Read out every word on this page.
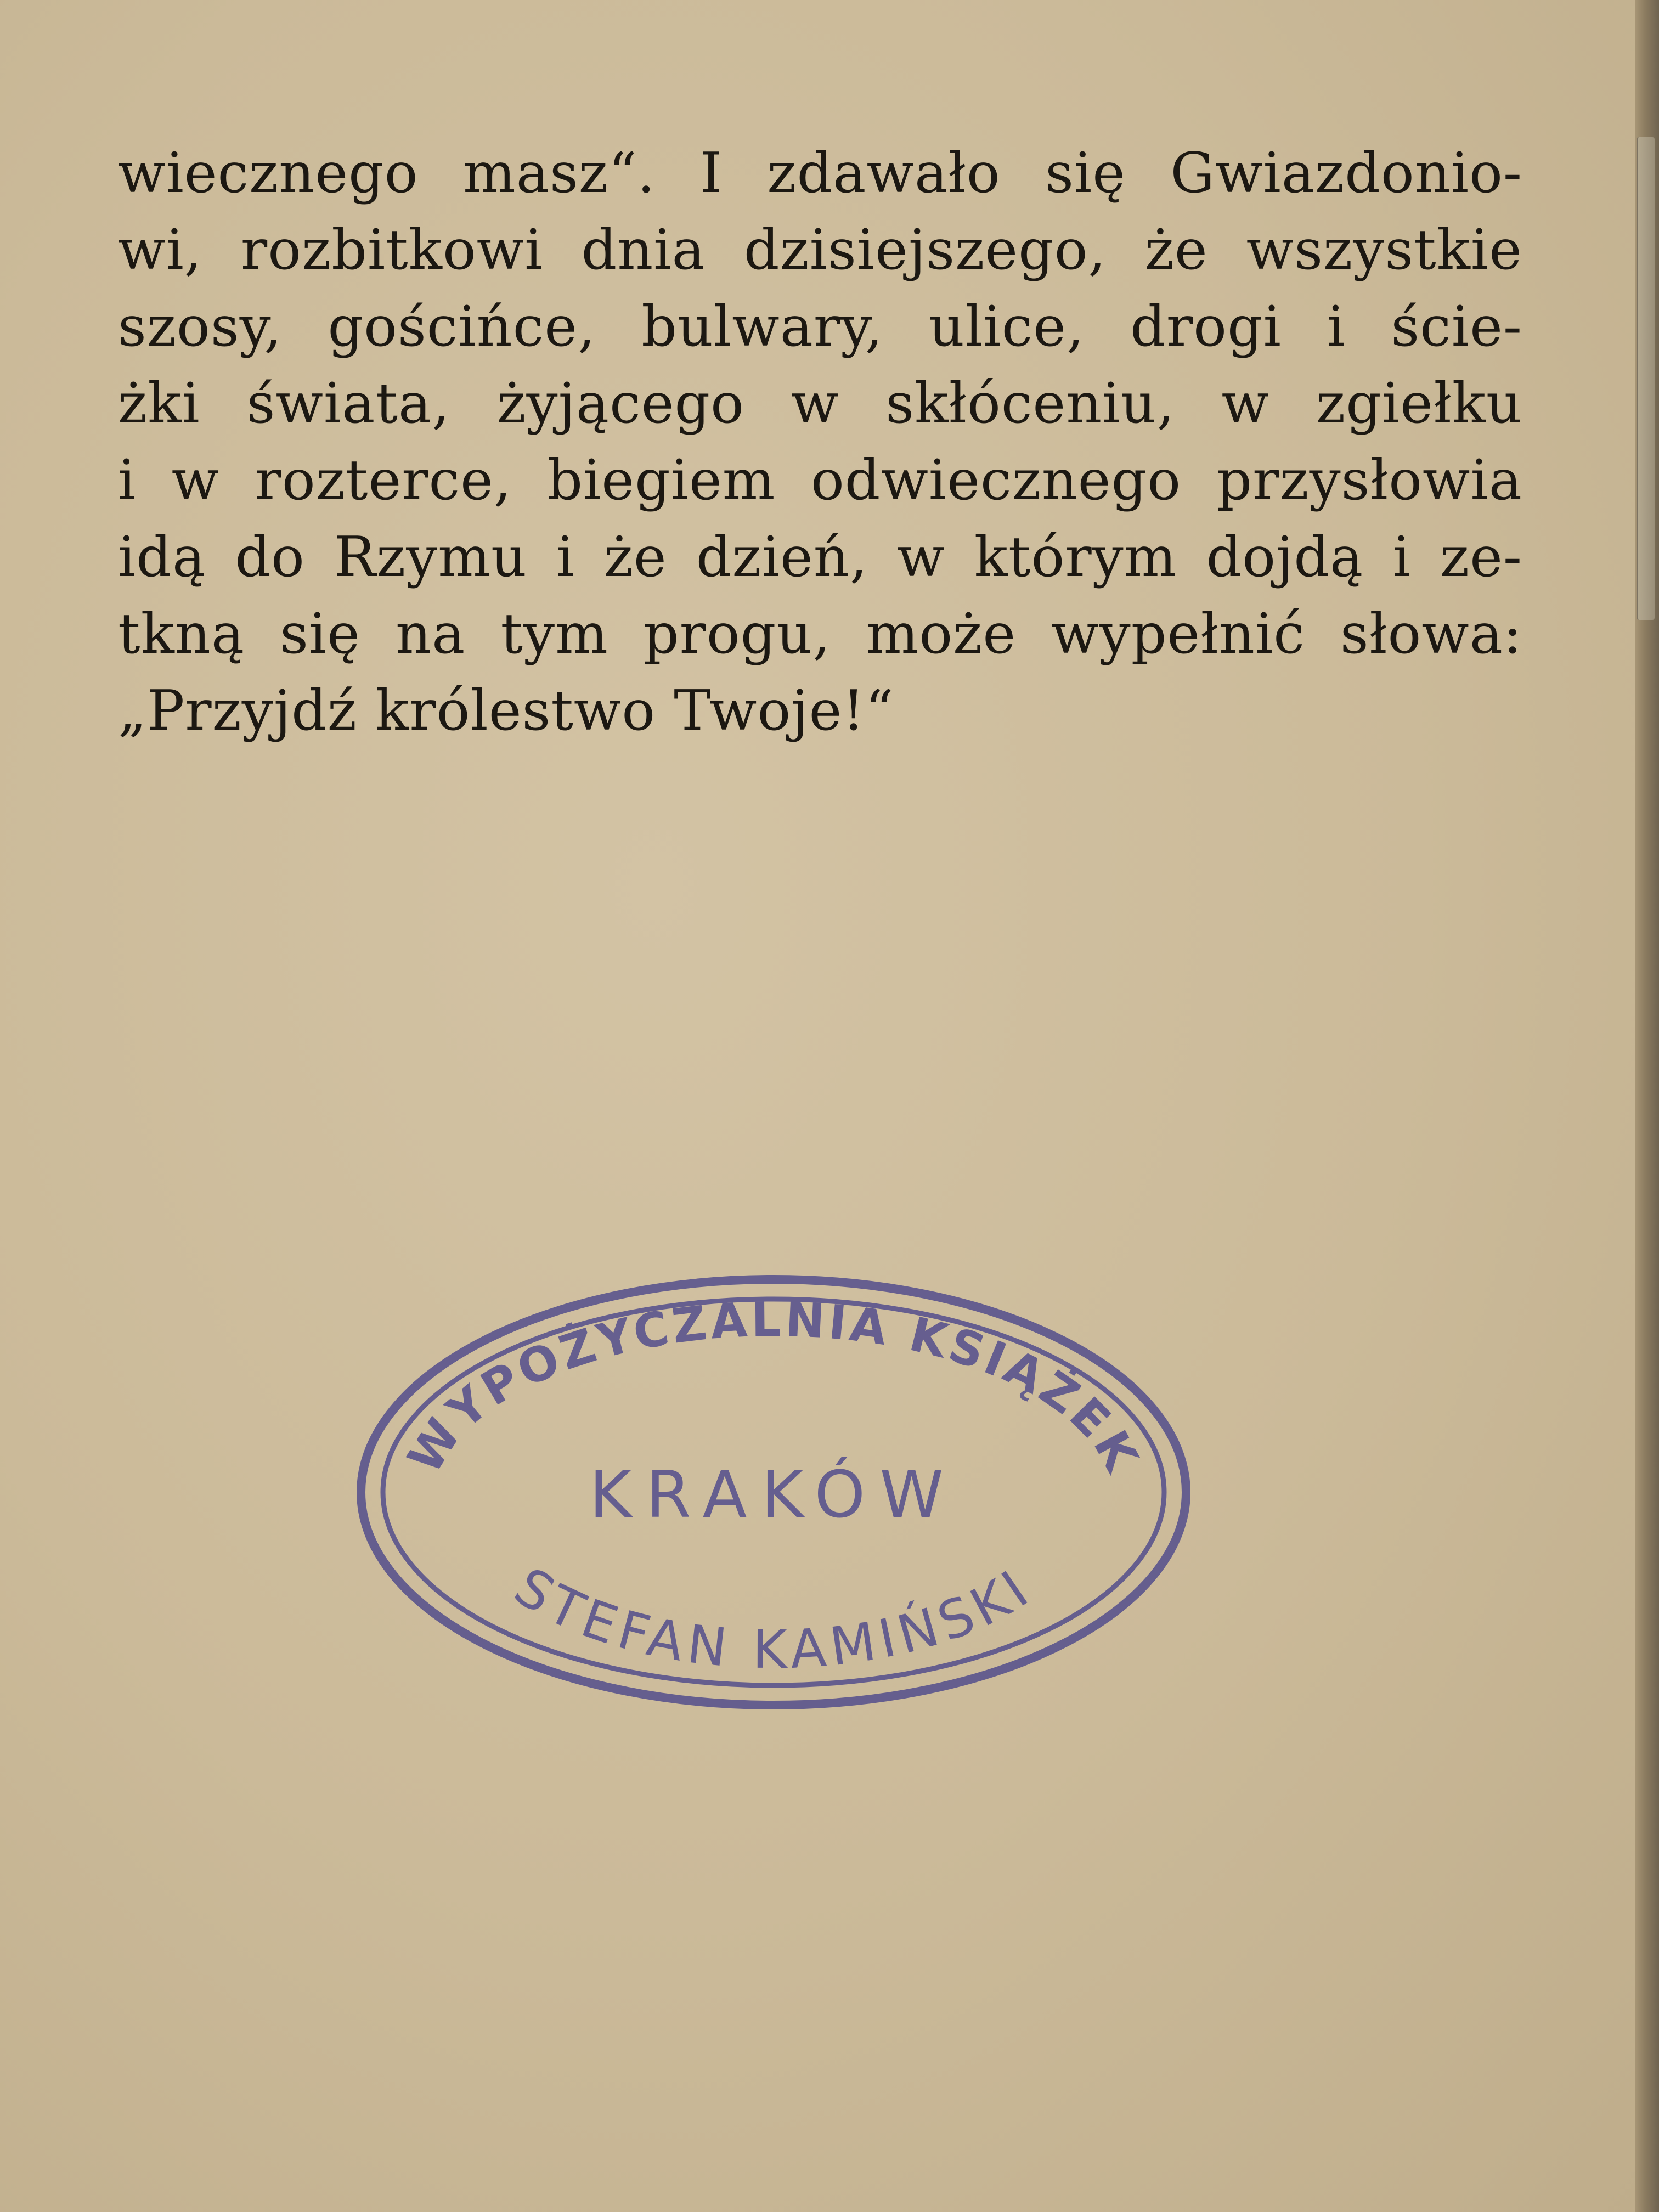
wiecznego masz“. I zdawało się Gwiazdonio-
wi, rozbitkowi dnia dzisiejszego, że wszystkie
szosy, gościńce, bulwary, ulice, drogi i ście-
żki świata, żyjącego w skłóceniu, w zgiełku
i w rozterce, biegiem odwiecznego przysłowia
idą do Rzymu i że dzień, w którym dojdą i ze-
tkną się na tym progu, może wypełnić słowa:
„Przyjdź królestwo Twoje!“
WYPOŻYCZALNIA KSIĄŻEK
KRAKÓW
STEFAN KAMIŃSKI
